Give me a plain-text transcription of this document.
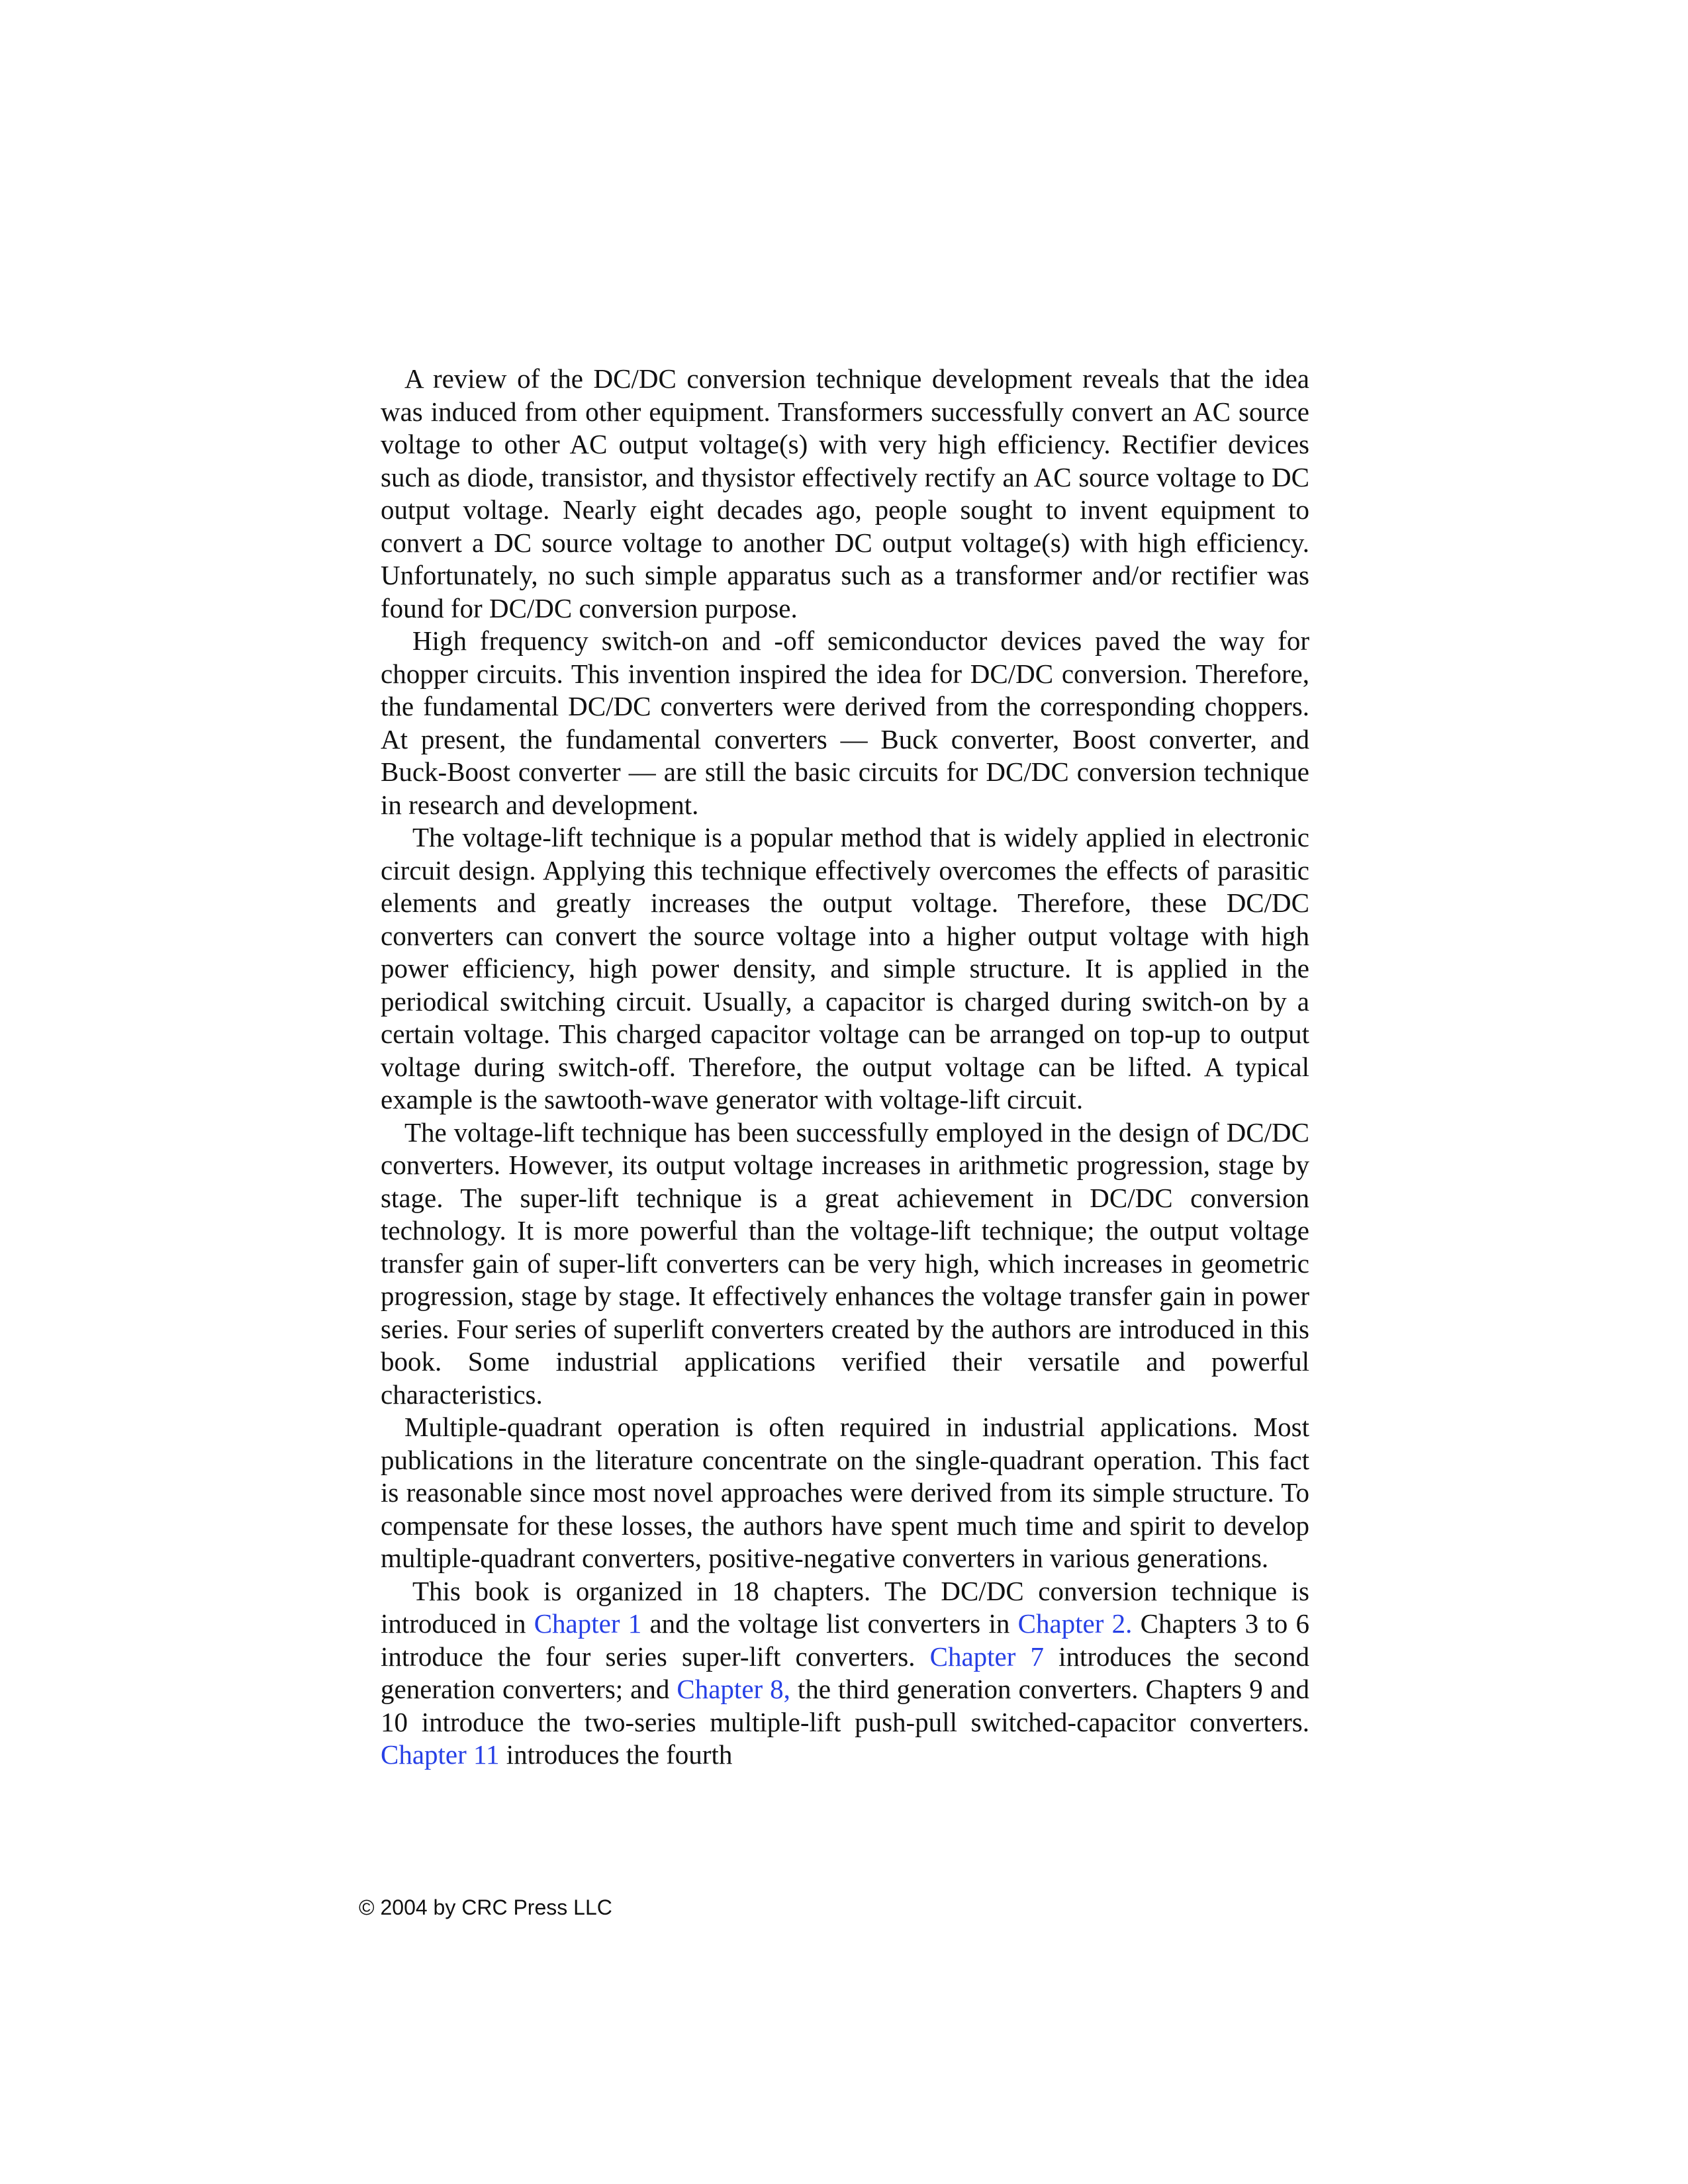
A review of the DC/DC conversion technique development reveals that the idea was induced from other equipment. Transformers successfully convert an AC source voltage to other AC output voltage(s) with very high efficiency. Rectifier devices such as diode, transistor, and thysistor effectively rectify an AC source voltage to DC output voltage. Nearly eight decades ago, people sought to invent equipment to convert a DC source voltage to another DC output voltage(s) with high efficiency. Unfortunately, no such simple apparatus such as a transformer and/or rectifier was found for DC/DC conversion purpose.

High frequency switch-on and -off semiconductor devices paved the way for chopper circuits. This invention inspired the idea for DC/DC conversion. Therefore, the fundamental DC/DC converters were derived from the corresponding choppers. At present, the fundamental converters — Buck converter, Boost converter, and Buck-Boost converter — are still the basic circuits for DC/DC conversion technique in research and development.

The voltage-lift technique is a popular method that is widely applied in electronic circuit design. Applying this technique effectively overcomes the effects of parasitic elements and greatly increases the output voltage. Therefore, these DC/DC converters can convert the source voltage into a higher output voltage with high power efficiency, high power density, and simple structure. It is applied in the periodical switching circuit. Usually, a capacitor is charged during switch-on by a certain voltage. This charged capacitor voltage can be arranged on top-up to output voltage during switch-off. Therefore, the output voltage can be lifted. A typical example is the sawtooth-wave generator with voltage-lift circuit.

The voltage-lift technique has been successfully employed in the design of DC/DC converters. However, its output voltage increases in arithmetic progression, stage by stage. The super-lift technique is a great achievement in DC/DC conversion technology. It is more powerful than the voltage-lift technique; the output voltage transfer gain of super-lift converters can be very high, which increases in geometric progression, stage by stage. It effectively enhances the voltage transfer gain in power series. Four series of superlift converters created by the authors are introduced in this book. Some industrial applications verified their versatile and powerful characteristics.

Multiple-quadrant operation is often required in industrial applications. Most publications in the literature concentrate on the single-quadrant operation. This fact is reasonable since most novel approaches were derived from its simple structure. To compensate for these losses, the authors have spent much time and spirit to develop multiple-quadrant converters, positive-negative converters in various generations.

This book is organized in 18 chapters. The DC/DC conversion technique is introduced in Chapter 1 and the voltage list converters in Chapter 2. Chapters 3 to 6 introduce the four series super-lift converters. Chapter 7 introduces the second generation converters; and Chapter 8, the third generation converters. Chapters 9 and 10 introduce the two-series multiple-lift push-pull switched-capacitor converters. Chapter 11 introduces the fourth

© 2004 by CRC Press LLC
